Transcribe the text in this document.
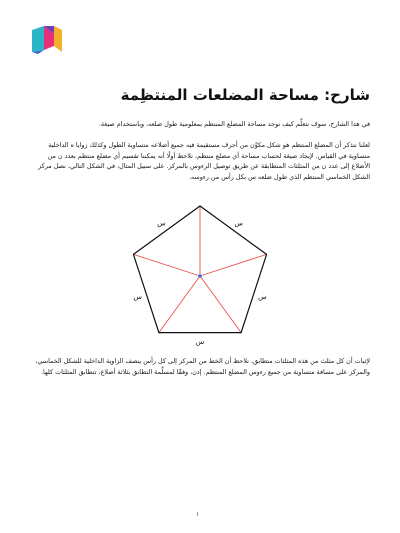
شارح: مساحة المضلعات المنتظِمة

في هذا الشارح، سوف نتعلَّم كيف نوجد مساحة المضلع المنتظم بمعلومية طول ضلعه، وباستخدام صيغة.

لعلنا نتذكر أن المضلع المنتظم هو شكل مكوَّن من أحرف مستقيمة فيه جميع أضلاعه متساوية الطول وكذلك زوايا ه الداخلية متساوية في القياس. لإيجاد صيغة لحساب مساحة أي مضلع منتظم، نلاحظ أولًا أنه يمكننا تقسيم أي مضلع منتظم بعدد ن من الأضلاع إلى عدد ن من المثلثات المتطابقة عن طريق توصيل الرءوس بالمركز. على سبيل المثال، في الشكل التالي، نصل مركز الشكل الخماسي المنتظم الذي طول ضلعه س بكل رأس من رءوسه.

س
س
س
س
س

لإثبات أن كل مثلث من هذه المثلثات متطابق، نلاحظ أن الخط من المركز إلى كل رأس ينصف الزاوية الداخلية للشكل الخماسي، والمركز على مسافة متساوية من جميع رءوس المضلع المنتظم. إذن، وفقًا لمسلَّمة التطابق بثلاثة أضلاع، تتطابق المثلثات كلها.

١
